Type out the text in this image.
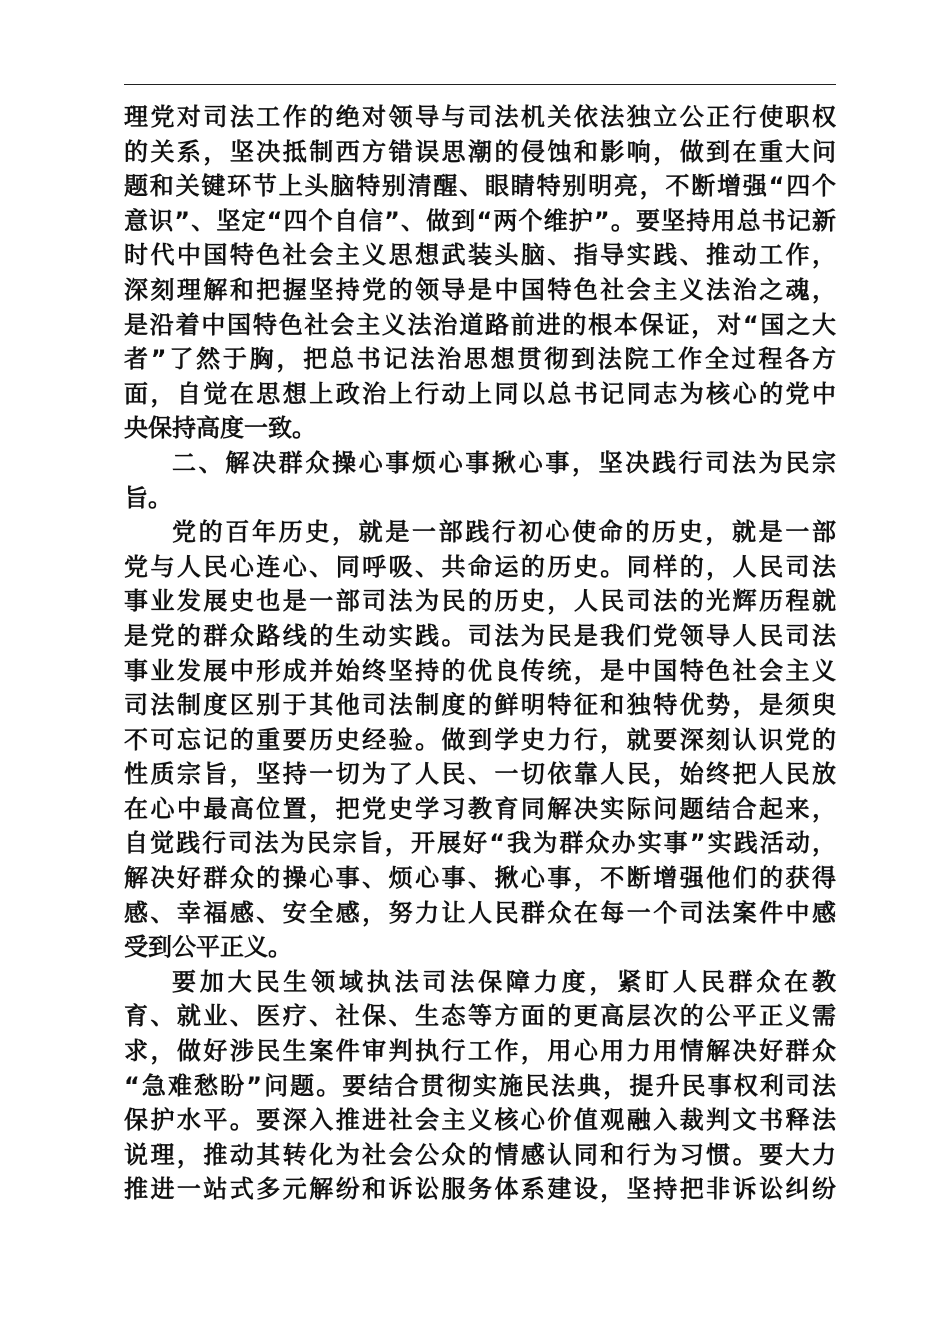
理党对司法工作的绝对领导与司法机关依法独立公正行使职权
的关系，坚决抵制西方错误思潮的侵蚀和影响，做到在重大问
题和关键环节上头脑特别清醒、眼睛特别明亮，不断增强“四个
意识”、坚定“四个自信”、做到“两个维护”。要坚持用总书记新
时代中国特色社会主义思想武装头脑、指导实践、推动工作，
深刻理解和把握坚持党的领导是中国特色社会主义法治之魂，
是沿着中国特色社会主义法治道路前进的根本保证，对“国之大
者”了然于胸，把总书记法治思想贯彻到法院工作全过程各方
面，自觉在思想上政治上行动上同以总书记同志为核心的党中
央保持高度一致。
二、解决群众操心事烦心事揪心事，坚决践行司法为民宗
旨。
党的百年历史，就是一部践行初心使命的历史，就是一部
党与人民心连心、同呼吸、共命运的历史。同样的，人民司法
事业发展史也是一部司法为民的历史，人民司法的光辉历程就
是党的群众路线的生动实践。司法为民是我们党领导人民司法
事业发展中形成并始终坚持的优良传统，是中国特色社会主义
司法制度区别于其他司法制度的鲜明特征和独特优势，是须臾
不可忘记的重要历史经验。做到学史力行，就要深刻认识党的
性质宗旨，坚持一切为了人民、一切依靠人民，始终把人民放
在心中最高位置，把党史学习教育同解决实际问题结合起来，
自觉践行司法为民宗旨，开展好“我为群众办实事”实践活动，
解决好群众的操心事、烦心事、揪心事，不断增强他们的获得
感、幸福感、安全感，努力让人民群众在每一个司法案件中感
受到公平正义。
要加大民生领域执法司法保障力度，紧盯人民群众在教
育、就业、医疗、社保、生态等方面的更高层次的公平正义需
求，做好涉民生案件审判执行工作，用心用力用情解决好群众
“急难愁盼”问题。要结合贯彻实施民法典，提升民事权利司法
保护水平。要深入推进社会主义核心价值观融入裁判文书释法
说理，推动其转化为社会公众的情感认同和行为习惯。要大力
推进一站式多元解纷和诉讼服务体系建设，坚持把非诉讼纠纷
